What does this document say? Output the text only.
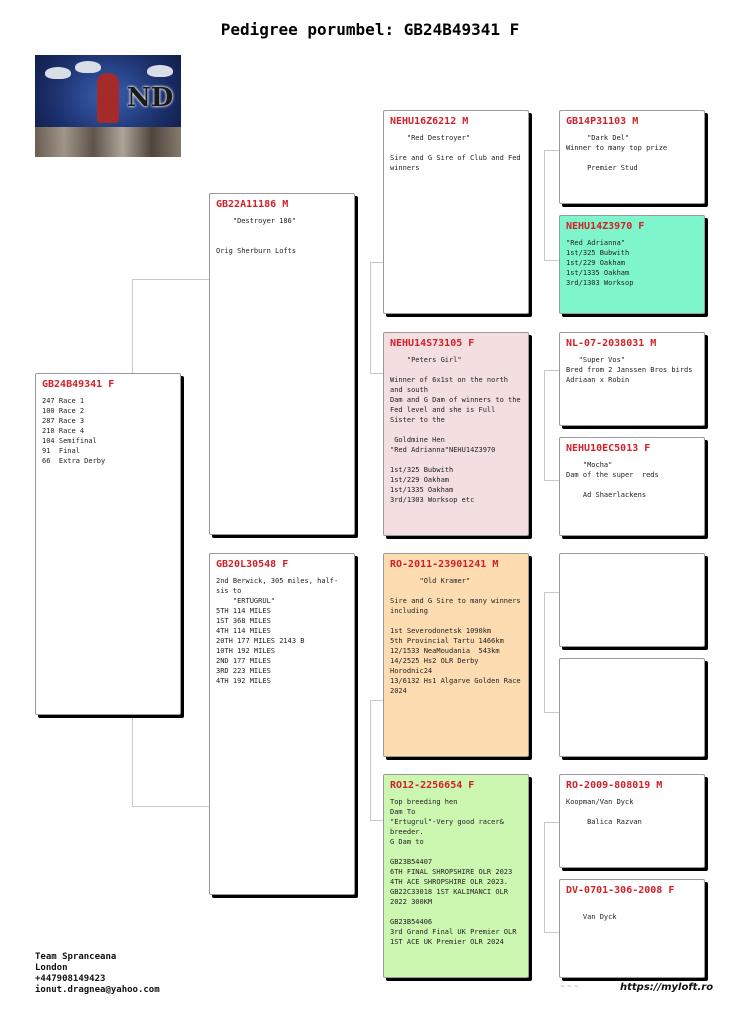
Pedigree porumbel: GB24B49341 F
ND
GB24B49341 F
247 Race 1
100 Race 2
287 Race 3
210 Race 4
104 Semifinal
91  Final
66  Extra Derby
GB22A11186 M
"Destroyer 186"

Orig Sherburn Lofts
GB20L30548 F
2nd Berwick, 305 miles, half-sis to
"ERTUGRUL"
5TH 114 MILES
1ST 368 MILES
4TH 114 MILES
20TH 177 MILES 2143 B
10TH 192 MILES
2ND 177 MILES
3RD 223 MILES
4TH 192 MILES
NEHU16Z6212 M
"Red Destroyer"

Sire and G Sire of Club and Fed winners
NEHU14S73105 F
"Peters Girl"

Winner of 6x1st on the north and south
Dam and G Dam of winners to the Fed level and she is Full Sister to the

Goldmine Hen
"Red Adrianna"NEHU14Z3970

1st/325 Bubwith
1st/229 Oakham
1st/1335 Oakham
3rd/1303 Worksop etc
RO-2011-23901241 M
"Old Kramer"

Sire and G Sire to many winners including

1st Severodonetsk 1090km
5th Provincial Tartu 1466km
12/1533 NeaMoudania  543km
14/2525 Hs2 OLR Derby Horodnic24
13/6132 Hs1 Algarve Golden Race 2024
RO12-2256654 F
Top breeding hen
Dam To
"Ertugrul"-Very good racer& breeder.
G Dam to

GB23B54407
6TH FINAL SHROPSHIRE OLR 2023
4TH ACE SHROPSHIRE OLR 2023.
GB22C33018 1ST KALIMANCI OLR 2022 300KM

GB23B54406
3rd Grand Final UK Premier OLR
1ST ACE UK Premier OLR 2024
GB14P31103 M
"Dark Del"
Winner to many top prize

Premier Stud
NEHU14Z3970 F
"Red Adrianna"
1st/325 Bubwith
1st/229 Oakham
1st/1335 Oakham
3rd/1303 Worksop
NL-07-2038031 M
"Super Vos"
Bred from 2 Janssen Bros birds Adriaan x Robin
NEHU10EC5013 F
"Mocha"
Dam of the super  reds

Ad Shaerlackens
RO-2009-808019 M
Koopman/Van Dyck

Balica Razvan
DV-0701-306-2008 F

Van Dyck
Team Spranceana
London
+447908149423
ionut.dragnea@yahoo.com	~ ~ ~	https://myloft.ro
